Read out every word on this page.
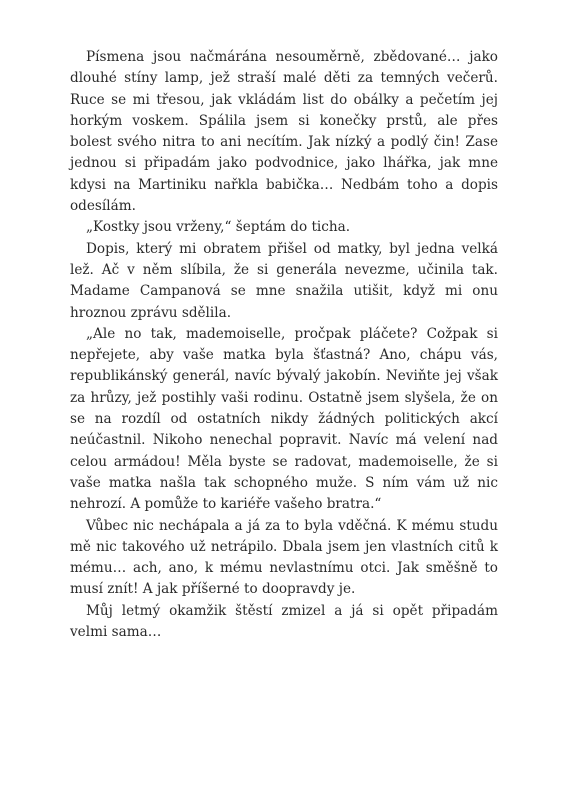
Písmena jsou načmárána nesouměrně, zbědované… jako dlouhé stíny lamp, jež straší malé děti za temných večerů. Ruce se mi třesou, jak vkládám list do obálky a pečetím jej horkým voskem. Spálila jsem si konečky prstů, ale přes bolest svého nitra to ani necítím. Jak nízký a podlý čin! Zase jednou si připadám jako podvodnice, jako lhářka, jak mne kdysi na Martiniku nařkla babička… Nedbám toho a dopis odesílám.

„Kostky jsou vrženy,“ šeptám do ticha.

Dopis, který mi obratem přišel od matky, byl jedna velká lež. Ač v něm slíbila, že si generála nevezme, učinila tak. Madame Campanová se mne snažila utišit, když mi onu hroznou zprávu sdělila.

„Ale no tak, mademoiselle, pročpak pláčete? Cožpak si nepřejete, aby vaše matka byla šťastná? Ano, chápu vás, republikánský generál, navíc bývalý jakobín. Neviňte jej však za hrůzy, jež postihly vaši rodinu. Ostatně jsem slyšela, že on se na rozdíl od ostatních nikdy žádných politických akcí neúčastnil. Nikoho nenechal popravit. Navíc má velení nad celou armádou! Měla byste se radovat, mademoiselle, že si vaše matka našla tak schopného muže. S ním vám už nic nehrozí. A pomůže to kariéře vašeho bratra.“

Vůbec nic nechápala a já za to byla vděčná. K mému studu mě nic takového už netrápilo. Dbala jsem jen vlastních citů k mému… ach, ano, k mému nevlastnímu otci. Jak směšně to musí znít! A jak příšerné to doopravdy je.

Můj letmý okamžik štěstí zmizel a já si opět připadám velmi sama…
